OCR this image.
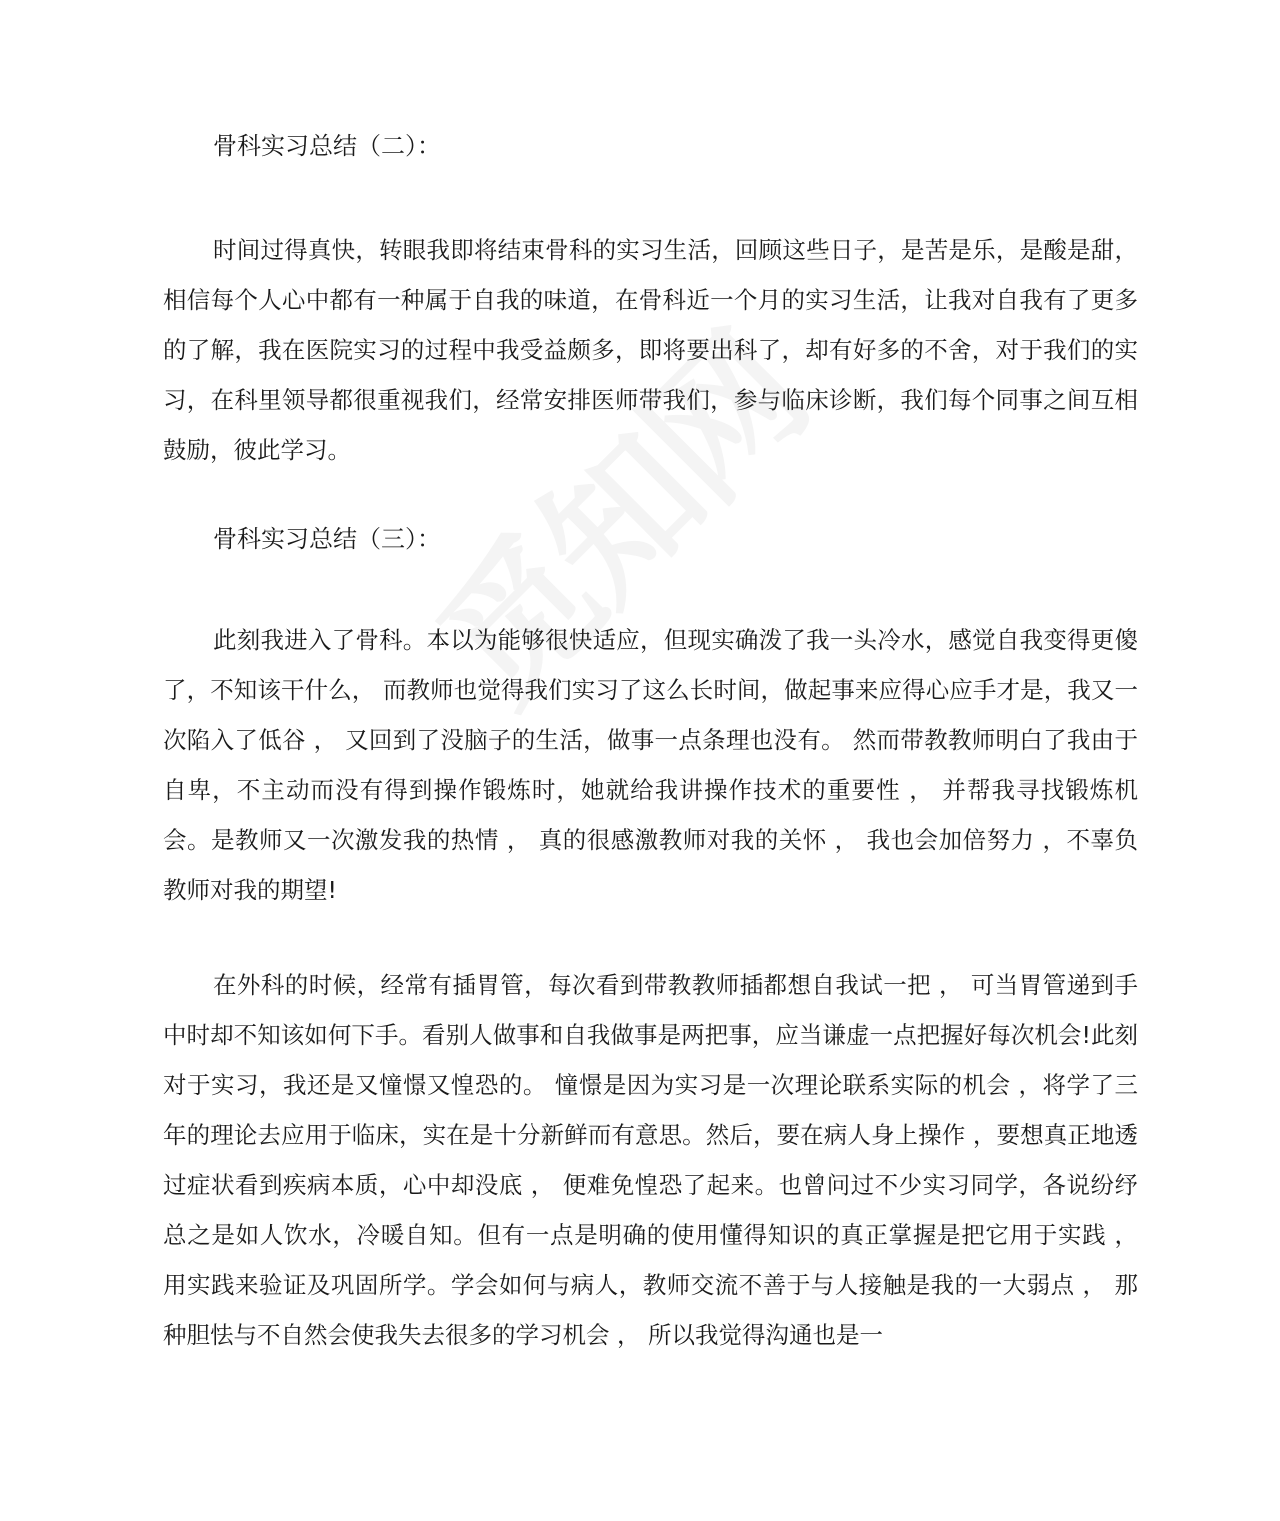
骨科实习总结（二）：

时间过得真快，转眼我即将结束骨科的实习生活，回顾这些日子，是苦是乐，是酸是甜，相信每个人心中都有一种属于自我的味道，在骨科近一个月的实习生活，让我对自我有了更多的了解，我在医院实习的过程中我受益颇多，即将要出科了，却有好多的不舍，对于我们的实习，在科里领导都很重视我们，经常安排医师带我们，参与临床诊断，我们每个同事之间互相鼓励，彼此学习。

骨科实习总结（三）：

此刻我进入了骨科。本以为能够很快适应，但现实确泼了我一头冷水，感觉自我变得更傻了，不知该干什么， 而教师也觉得我们实习了这么长时间，做起事来应得心应手才是，我又一次陷入了低谷 ， 又回到了没脑子的生活，做事一点条理也没有。 然而带教教师明白了我由于自卑，不主动而没有得到操作锻炼时，她就给我讲操作技术的重要性 ， 并帮我寻找锻炼机会。是教师又一次激发我的热情 ， 真的很感激教师对我的关怀 ， 我也会加倍努力 ，不辜负教师对我的期望!

在外科的时候，经常有插胃管，每次看到带教教师插都想自我试一把 ， 可当胃管递到手中时却不知该如何下手。看别人做事和自我做事是两把事，应当谦虚一点把握好每次机会!此刻对于实习，我还是又憧憬又惶恐的。 憧憬是因为实习是一次理论联系实际的机会 ，将学了三年的理论去应用于临床，实在是十分新鲜而有意思。然后，要在病人身上操作 ，要想真正地透过症状看到疾病本质，心中却没底 ， 便难免惶恐了起来。也曾问过不少实习同学，各说纷纾总之是如人饮水，冷暖自知。但有一点是明确的使用懂得知识的真正掌握是把它用于实践 ， 用实践来验证及巩固所学。学会如何与病人，教师交流不善于与人接触是我的一大弱点 ， 那种胆怯与不自然会使我失去很多的学习机会 ， 所以我觉得沟通也是一
